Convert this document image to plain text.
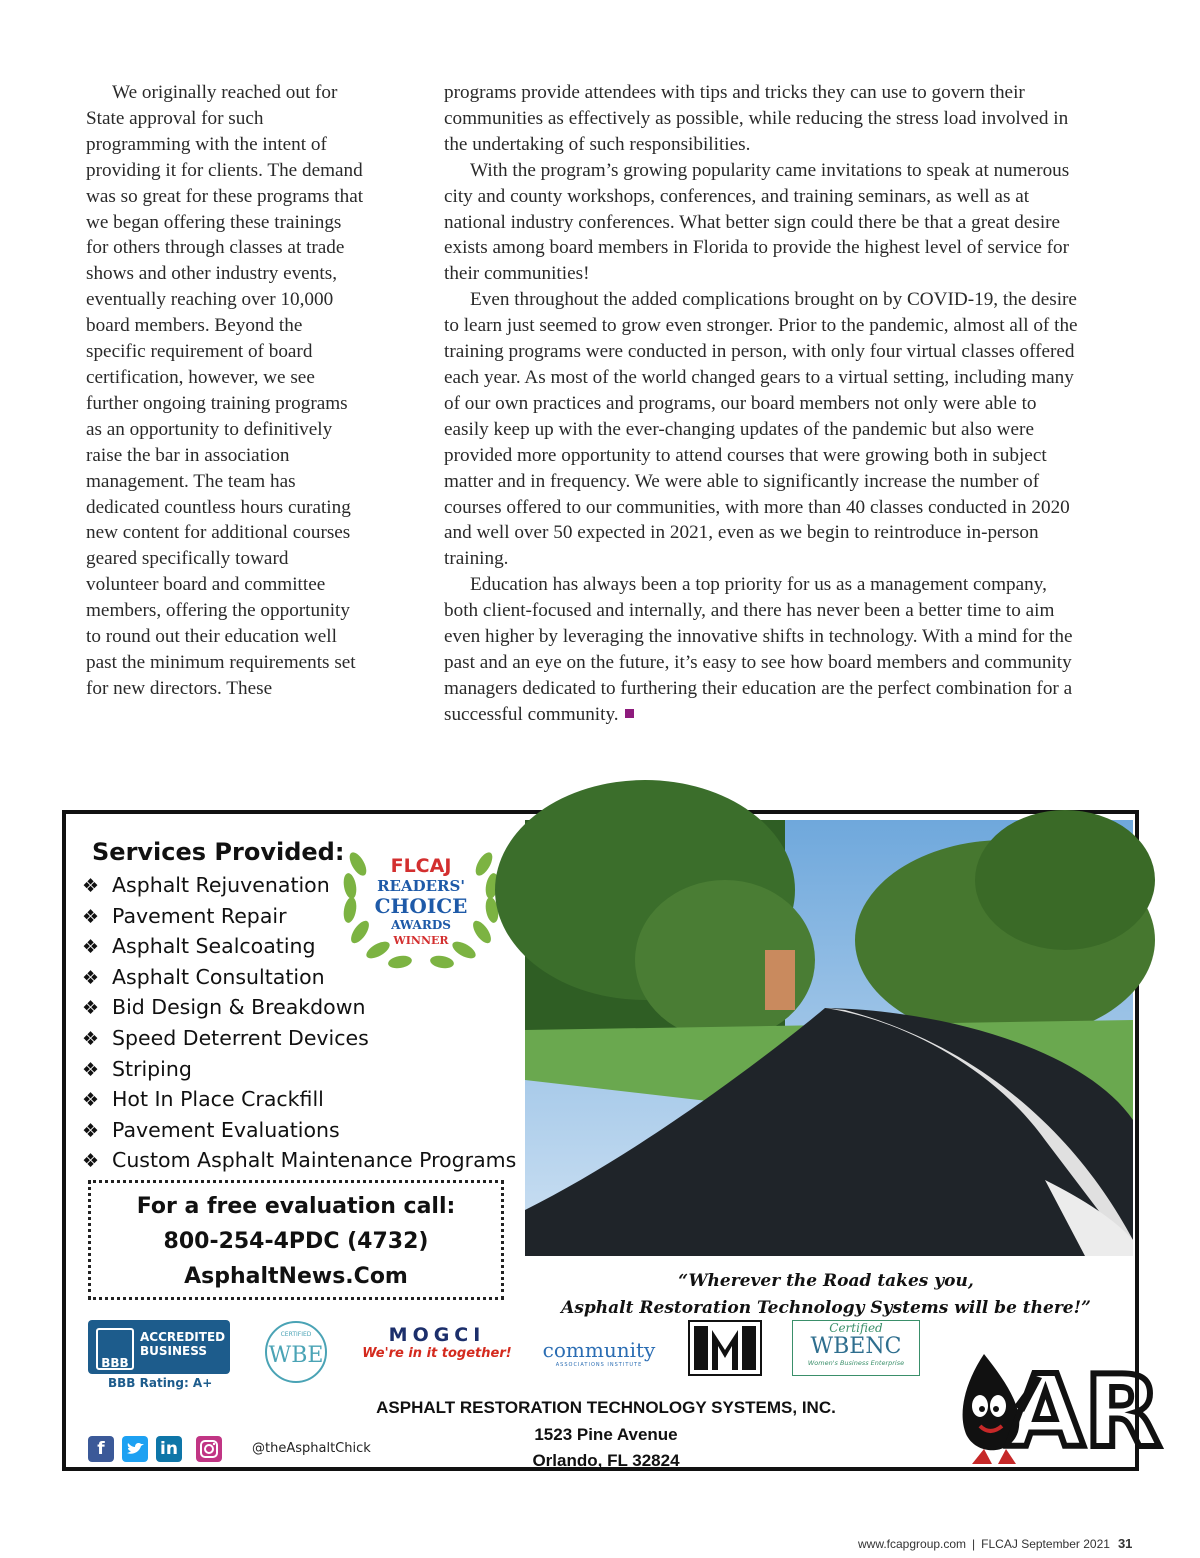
We originally reached out for State approval for such programming with the intent of providing it for clients. The demand was so great for these programs that we began offering these trainings for others through classes at trade shows and other industry events, eventually reaching over 10,000 board members. Beyond the specific requirement of board certification, however, we see further ongoing training programs as an opportunity to definitively raise the bar in association management. The team has dedicated countless hours curating new content for additional courses geared specifically toward volunteer board and committee members, offering the opportunity to round out their education well past the minimum requirements set for new directors. These

programs provide attendees with tips and tricks they can use to govern their communities as effectively as possible, while reducing the stress load involved in the undertaking of such responsibilities.

With the program’s growing popularity came invitations to speak at numerous city and county workshops, conferences, and training seminars, as well as at national industry conferences. What better sign could there be that a great desire exists among board members in Florida to provide the highest level of service for their communities!

Even throughout the added complications brought on by COVID-19, the desire to learn just seemed to grow even stronger. Prior to the pandemic, almost all of the training programs were conducted in person, with only four virtual classes offered each year. As most of the world changed gears to a virtual setting, including many of our own practices and programs, our board members not only were able to easily keep up with the ever-changing updates of the pandemic but also were provided more opportunity to attend courses that were growing both in subject matter and in frequency. We were able to significantly increase the number of courses offered to our communities, with more than 40 classes conducted in 2020 and well over 50 expected in 2021, even as we begin to reintroduce in-person training.

Education has always been a top priority for us as a management company, both client-focused and internally, and there has never been a better time to aim even higher by leveraging the innovative shifts in technology. With a mind for the past and an eye on the future, it’s easy to see how board members and community managers dedicated to furthering their education are the perfect combination for a successful community.

Services Provided:
❖ Asphalt Rejuvenation
❖ Pavement Repair
❖ Asphalt Sealcoating
❖ Asphalt Consultation
❖ Bid Design & Breakdown
❖ Speed Deterrent Devices
❖ Striping
❖ Hot In Place Crackfill
❖ Pavement Evaluations
❖ Custom Asphalt Maintenance Programs
FLCAJ
READERS'
CHOICE
AWARDS
WINNER
For a free evaluation call:
800-254-4PDC (4732)
AsphaltNews.Com	“Wherever the Road takes you,
Asphalt Restoration Technology Systems will be there!”
BBB
ACCREDITED
BUSINESS
BBB Rating: A+
CERTIFIED
WBE
MOGCI
We're in it together! community
ASSOCIATIONS INSTITUTE
Certified
WBENC
Women's Business Enterprise
ASPHALT RESTORATION TECHNOLOGY SYSTEMS, INC.
1523 Pine Avenue
Orlando, FL 32824
f	in	@theAsphaltChick	AR
www.fcapgroup.com | FLCAJ September 2021 31
